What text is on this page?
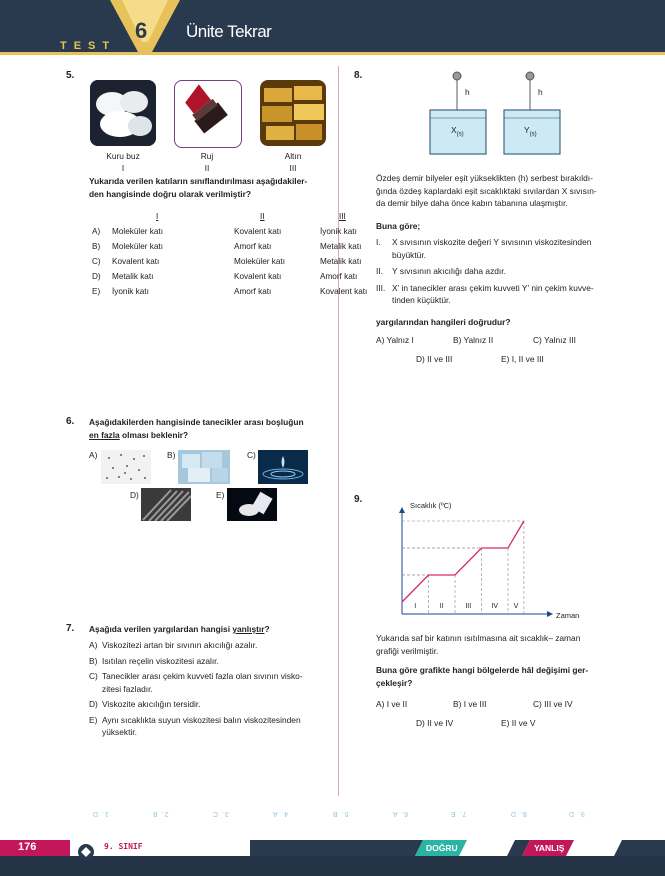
TEST
6 Ünite Tekrar
5.
Kuru buz	Ruj	Altın
I	II	III
Yukarıda verilen katıların sınıflandırılması aşağıdakiler-
den hangisinde doğru olarak verilmiştir?
	I	II	III
A)	Moleküler katı	Kovalent katı	İyonik katı
B)	Moleküler katı	Amorf katı	Metalik katı
C)	Kovalent katı	Moleküler katı	Metalik katı
D)	Metalik katı	Kovalent katı	Amorf katı
E)	İyonik katı	Amorf katı	Kovalent katı
6. Aşağıdakilerden hangisinde tanecikler arası boşluğun
en fazla olması beklenir?
A)	B)	C)
D)	E)
7. Aşağıda verilen yargılardan hangisi yanlıştır?
A) Viskozitezi artan bir sıvının akıcılığı azalır.
B) Isıtılan reçelin viskozitesi azalır.
C) Tanecikler arası çekim kuvveti fazla olan sıvının visko-
zitesi fazladır.
D) Viskozite akıcılığın tersidir.
E) Aynı sıcaklıkta suyun viskozitesi balın viskozitesinden
yüksektir.
8.
h	h
$X_{(s)}$	$Y_{(s)}$
Özdeş demir bilyeler eşit yükseklikten (h) serbest bırakıldı-
ğında özdeş kaplardaki eşit sıcaklıktaki sıvılardan X sıvısın-
da demir bilye daha önce kabın tabanına ulaşmıştır.
Buna göre;
I. X sıvısının viskozite değeri Y sıvısının viskozitesinden
büyüktür.
II. Y sıvısının akıcılığı daha azdır.
III. X’ in tanecikler arası çekim kuvveti Y’ nin çekim kuvve-
tinden küçüktür.
yargılarından hangileri doğrudur?
A) Yalnız I	B) Yalnız II	C) Yalnız III
D) II ve III	E) I, II ve III
9.
I	II	III	IV V
Sıcaklık (ºC)
Zaman
Yukarıda saf bir katının ısıtılmasına ait sıcaklık– zaman
grafiği verilmiştir.
Buna göre grafikte hangi bölgelerde hâl değişimi ger-
çekleşir?
A) I ve II	B) I ve III	C) III ve IV
D) II ve IV	E) II ve V
1. D	2. B	3. C	4. A	5. B	6. A	7. E	8. D	9. D
176	9. SINIF	DOĞRU	YANLIŞ
